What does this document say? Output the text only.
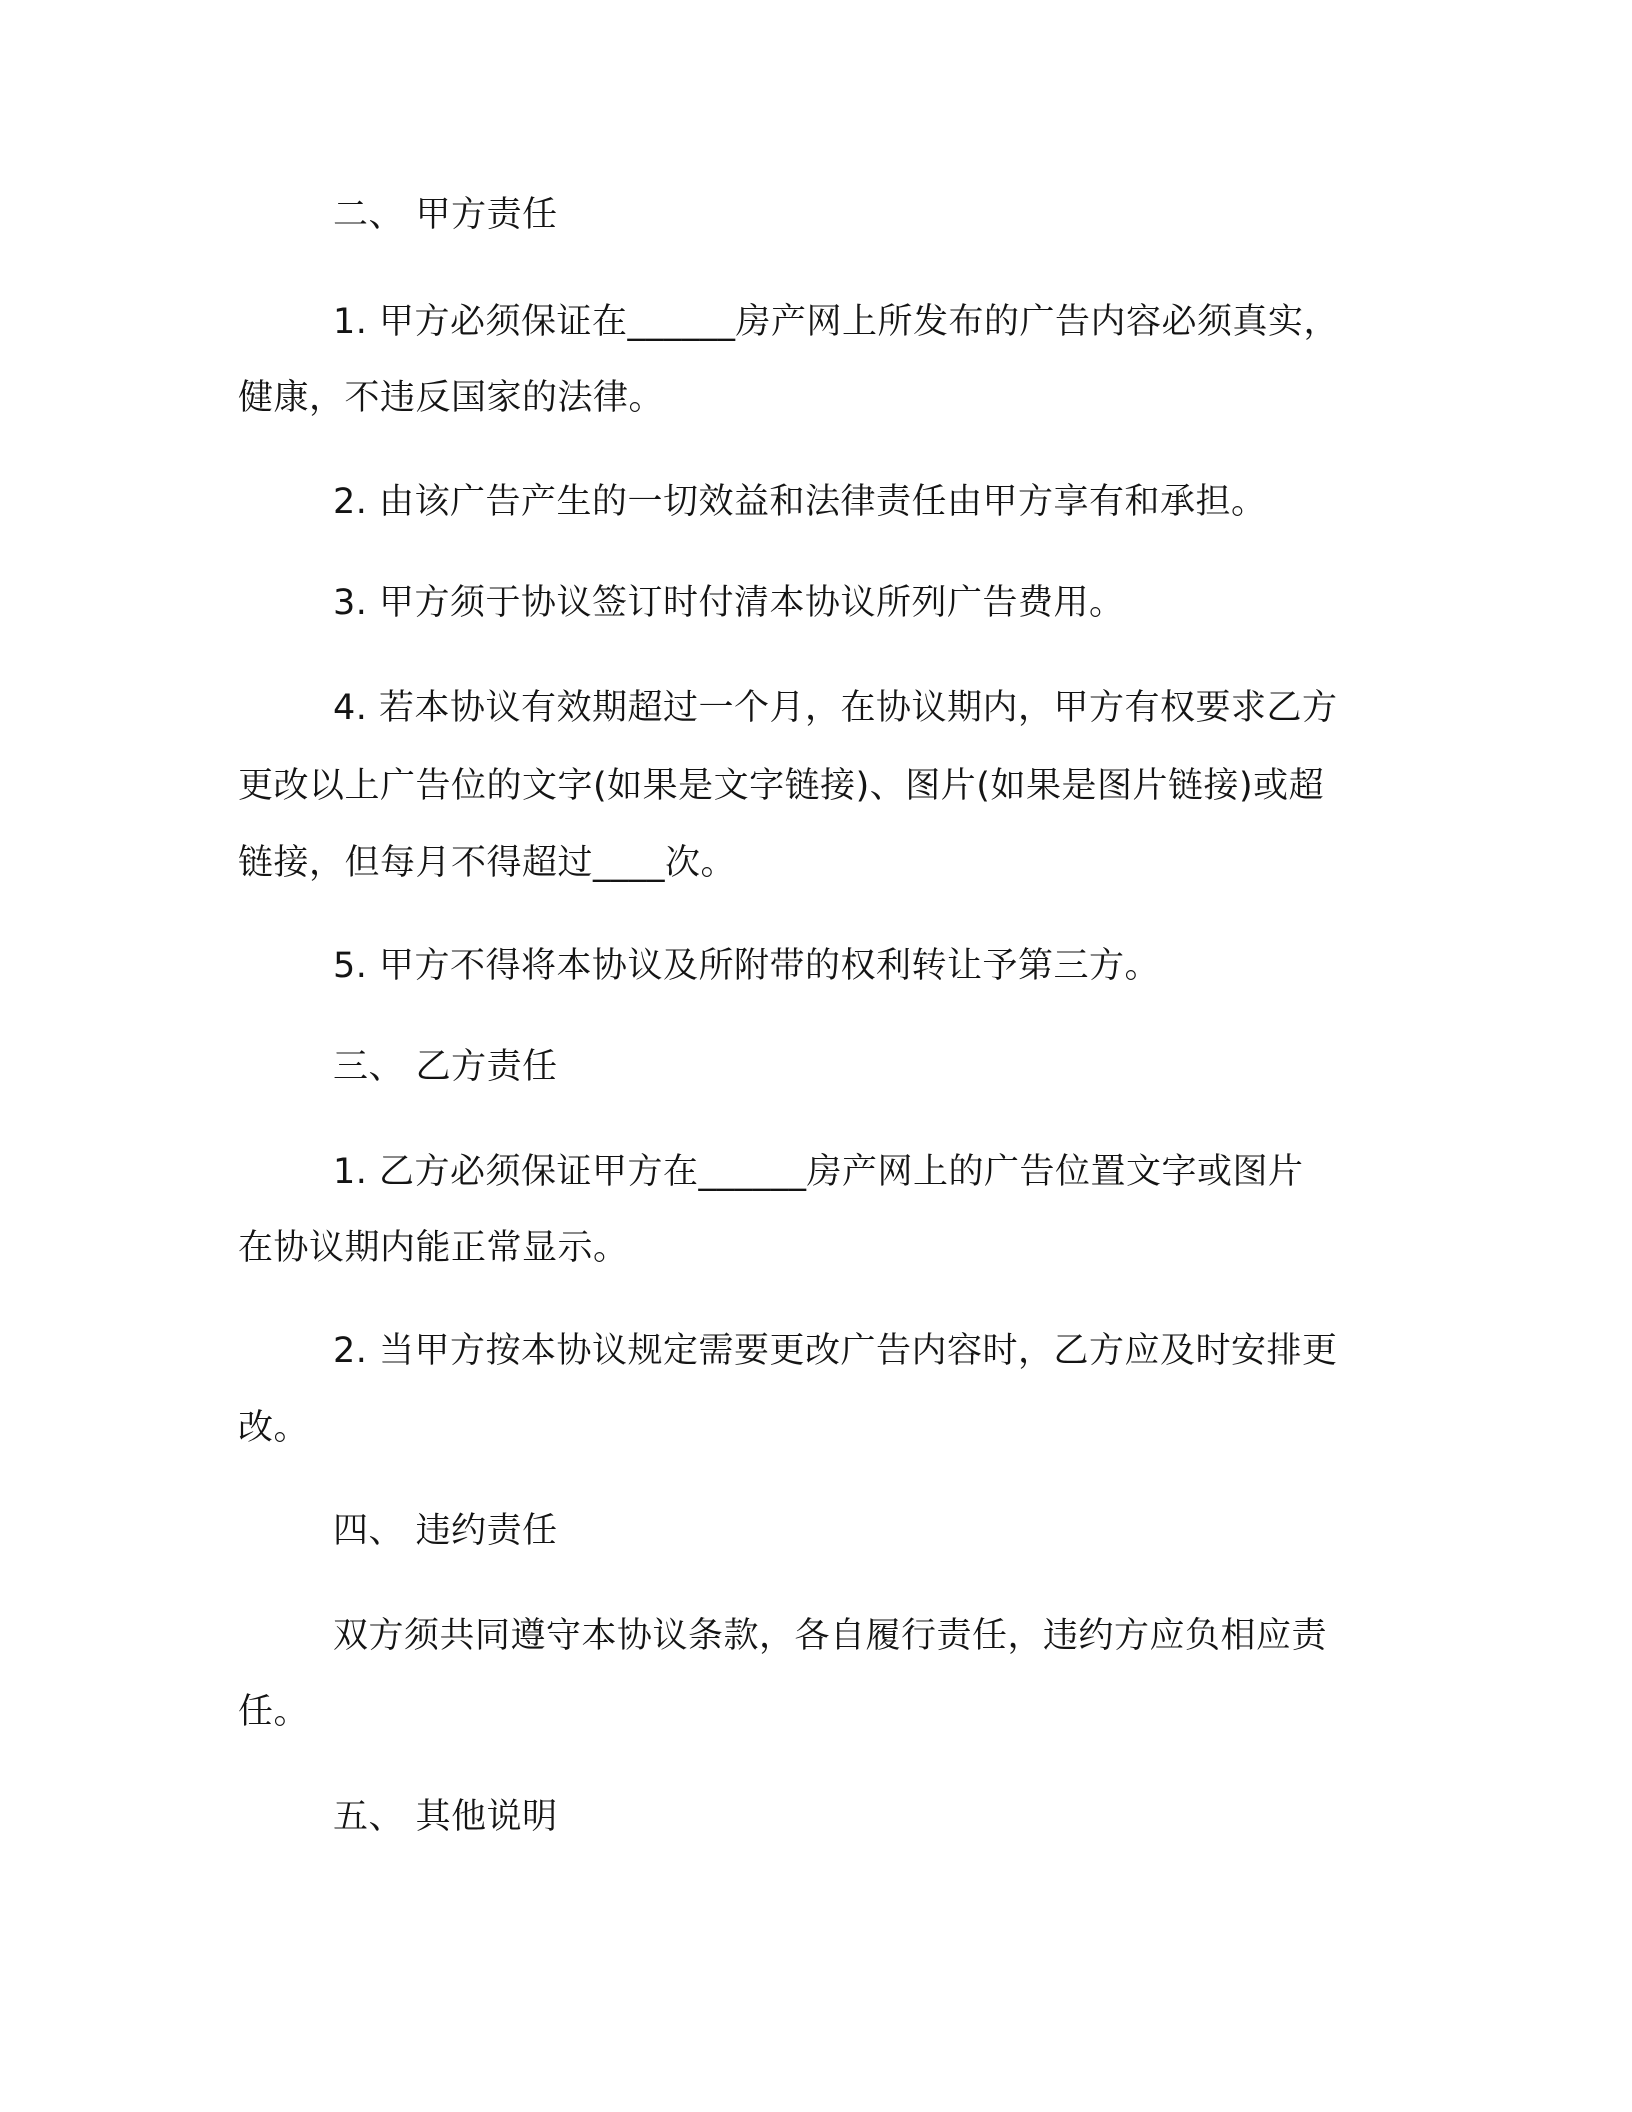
二、 甲方责任
1. 甲方必须保证在______房产网上所发布的广告内容必须真实，
健康，不违反国家的法律。
2. 由该广告产生的一切效益和法律责任由甲方享有和承担。
3. 甲方须于协议签订时付清本协议所列广告费用。
4. 若本协议有效期超过一个月，在协议期内，甲方有权要求乙方
更改以上广告位的文字(如果是文字链接)、图片(如果是图片链接)或超
链接，但每月不得超过____次。
5. 甲方不得将本协议及所附带的权利转让予第三方。
三、 乙方责任
1. 乙方必须保证甲方在______房产网上的广告位置文字或图片
在协议期内能正常显示。
2. 当甲方按本协议规定需要更改广告内容时，乙方应及时安排更
改。
四、 违约责任
双方须共同遵守本协议条款，各自履行责任，违约方应负相应责
任。
五、 其他说明
